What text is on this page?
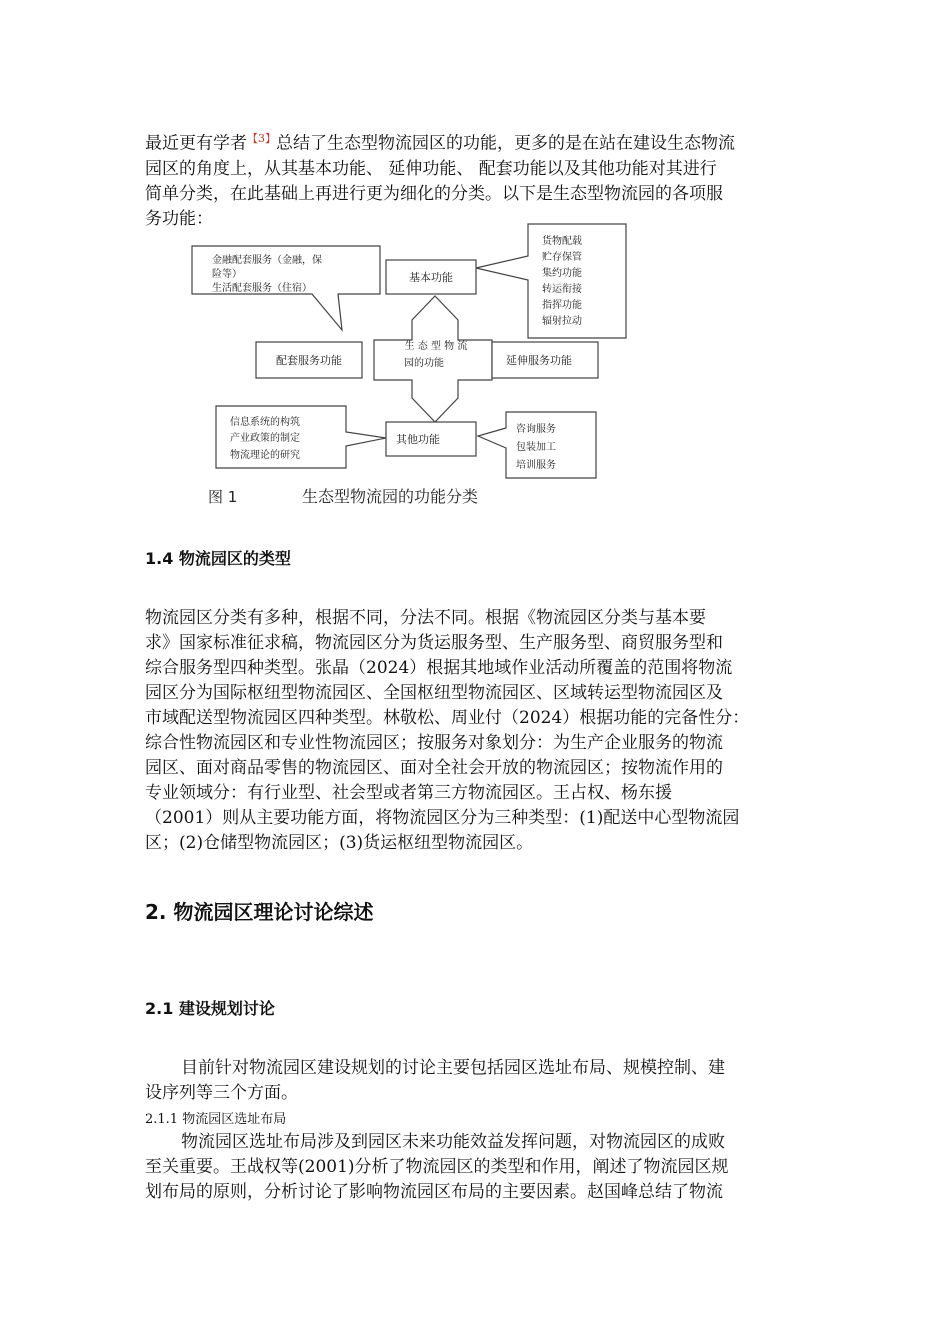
最近更有学者$^{【3】}$总结了生态型物流园区的功能，更多的是在站在建设生态物流
园区的角度上，从其基本功能、 延伸功能、 配套功能以及其他功能对其进行
简单分类，在此基础上再进行更为细化的分类。以下是生态型物流园的各项服
务功能：
金融配套服务（金融，保
险等）
生活配套服务（住宿）
货物配载
贮存保管
集约功能
转运衔接
指挥功能
辐射拉动
基本功能
生 态 型 物 流
园的功能
配套服务功能	延伸服务功能
其他功能
信息系统的构筑
产业政策的制定
物流理论的研究
咨询服务
包装加工
培训服务
图 1	生态型物流园的功能分类
1.4 物流园区的类型
物流园区分类有多种，根据不同，分法不同。根据《物流园区分类与基本要
求》国家标准征求稿，物流园区分为货运服务型、生产服务型、商贸服务型和
综合服务型四种类型。张晶（2024）根据其地域作业活动所覆盖的范围将物流
园区分为国际枢纽型物流园区、全国枢纽型物流园区、区域转运型物流园区及
市域配送型物流园区四种类型。林敬松、周业付（2024）根据功能的完备性分：
综合性物流园区和专业性物流园区；按服务对象划分：为生产企业服务的物流
园区、面对商品零售的物流园区、面对全社会开放的物流园区；按物流作用的
专业领域分：有行业型、社会型或者第三方物流园区。王占权、杨东援
（2001）则从主要功能方面，将物流园区分为三种类型：(1)配送中心型物流园
区；(2)仓储型物流园区；(3)货运枢纽型物流园区。
2. 物流园区理论讨论综述
2.1 建设规划讨论
目前针对物流园区建设规划的讨论主要包括园区选址布局、规模控制、建
设序列等三个方面。
2.1.1 物流园区选址布局
物流园区选址布局涉及到园区未来功能效益发挥问题，对物流园区的成败
至关重要。王战权等(2001)分析了物流园区的类型和作用，阐述了物流园区规
划布局的原则，分析讨论了影响物流园区布局的主要因素。赵国峰总结了物流
